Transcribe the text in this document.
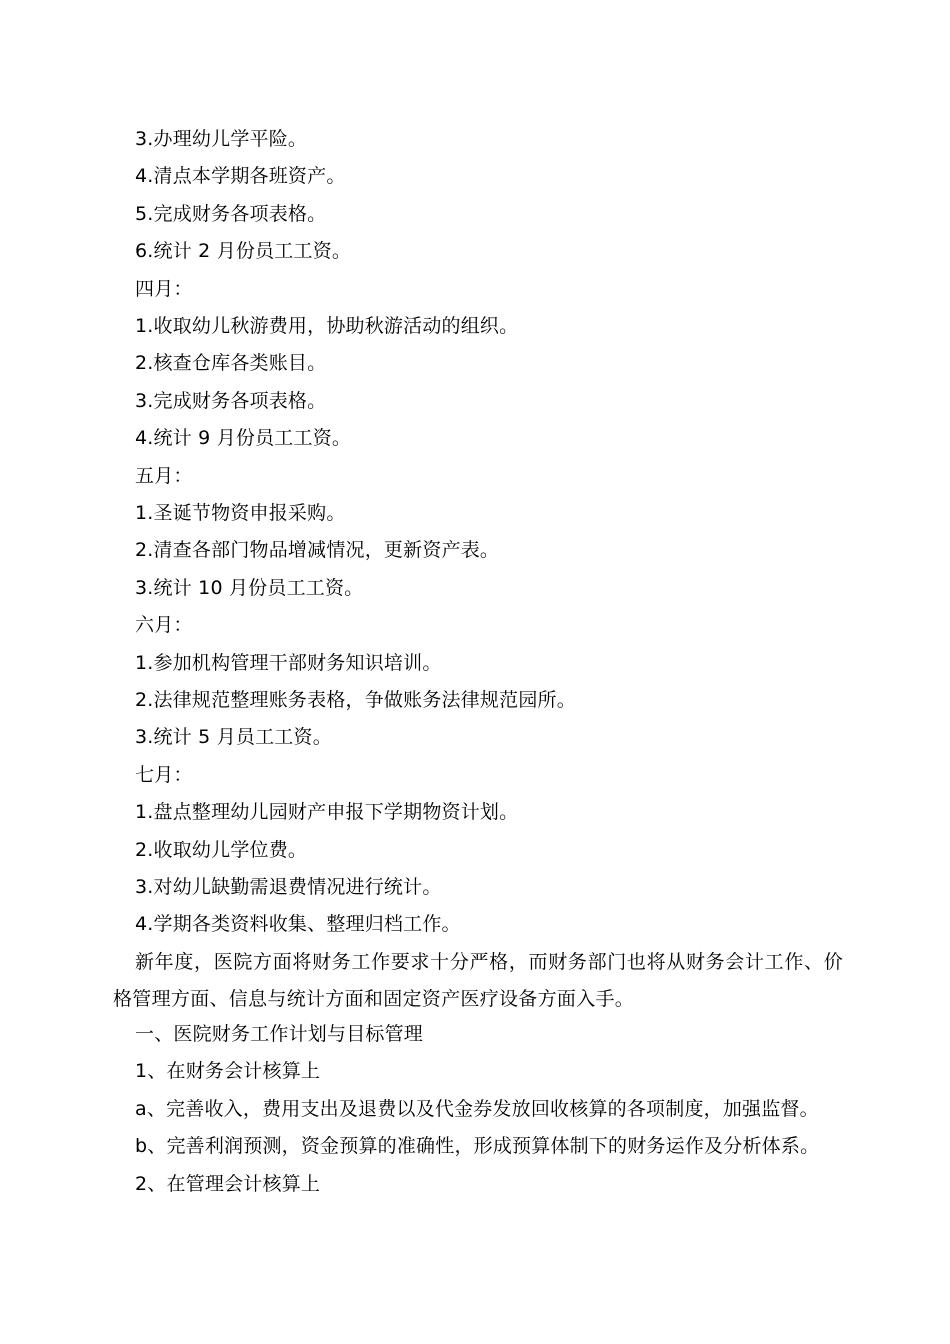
3.办理幼儿学平险。
4.清点本学期各班资产。
5.完成财务各项表格。
6.统计 2 月份员工工资。
四月：
1.收取幼儿秋游费用，协助秋游活动的组织。
2.核查仓库各类账目。
3.完成财务各项表格。
4.统计 9 月份员工工资。
五月：
1.圣诞节物资申报采购。
2.清查各部门物品增减情况，更新资产表。
3.统计 10 月份员工工资。
六月：
1.参加机构管理干部财务知识培训。
2.法律规范整理账务表格，争做账务法律规范园所。
3.统计 5 月员工工资。
七月：
1.盘点整理幼儿园财产申报下学期物资计划。
2.收取幼儿学位费。
3.对幼儿缺勤需退费情况进行统计。
4.学期各类资料收集、整理归档工作。
新年度，医院方面将财务工作要求十分严格，而财务部门也将从财务会计工作、价格管理方面、信息与统计方面和固定资产医疗设备方面入手。
一、医院财务工作计划与目标管理
1、在财务会计核算上
a、完善收入，费用支出及退费以及代金券发放回收核算的各项制度，加强监督。
b、完善利润预测，资金预算的准确性，形成预算体制下的财务运作及分析体系。
2、在管理会计核算上
